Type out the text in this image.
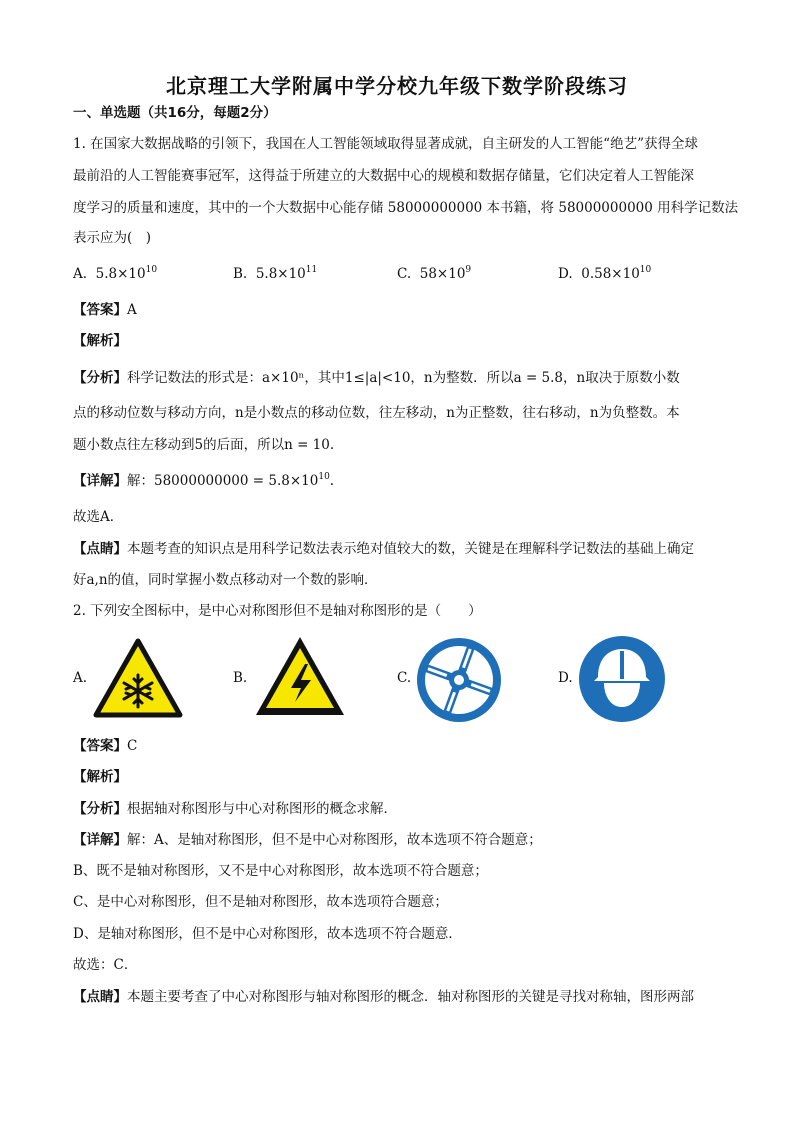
北京理工大学附属中学分校九年级下数学阶段练习
一、单选题（共16分，每题2分）
1. 在国家大数据战略的引领下，我国在人工智能领域取得显著成就，自主研发的人工智能“绝艺”获得全球
最前沿的人工智能赛事冠军，这得益于所建立的大数据中心的规模和数据存储量，它们决定着人工智能深
度学习的质量和速度，其中的一个大数据中心能存储 58000000000 本书籍，将 58000000000 用科学记数法
表示应为(　)
A. $5.8\times 10^{10}$	B. $5.8\times 10^{11}$	C. $58\times 10^9$	D. $0.58\times 10^{10}$
【答案】A
【解析】
【分析】科学记数法的形式是：a×10ⁿ，其中1≤|a|<10，n为整数．所以a = 5.8，n取决于原数小数
点的移动位数与移动方向，n是小数点的移动位数，往左移动，n为正整数，往右移动，n为负整数。本
题小数点往左移动到5的后面，所以n = 10.
【详解】解：$58000000000 = 5.8\times 10^{10}$.
故选A．
【点睛】本题考查的知识点是用科学记数法表示绝对值较大的数，关键是在理解科学记数法的基础上确定
好a,n的值，同时掌握小数点移动对一个数的影响．
2. 下列安全图标中，是中心对称图形但不是轴对称图形的是（　　）
A.	B.	C.	D.
【答案】C
【解析】
【分析】根据轴对称图形与中心对称图形的概念求解．
【详解】解：A、是轴对称图形，但不是中心对称图形，故本选项不符合题意；
B、既不是轴对称图形，又不是中心对称图形，故本选项不符合题意；
C、是中心对称图形，但不是轴对称图形，故本选项符合题意；
D、是轴对称图形，但不是中心对称图形，故本选项不符合题意．
故选：C．
【点睛】本题主要考查了中心对称图形与轴对称图形的概念．轴对称图形的关键是寻找对称轴，图形两部
